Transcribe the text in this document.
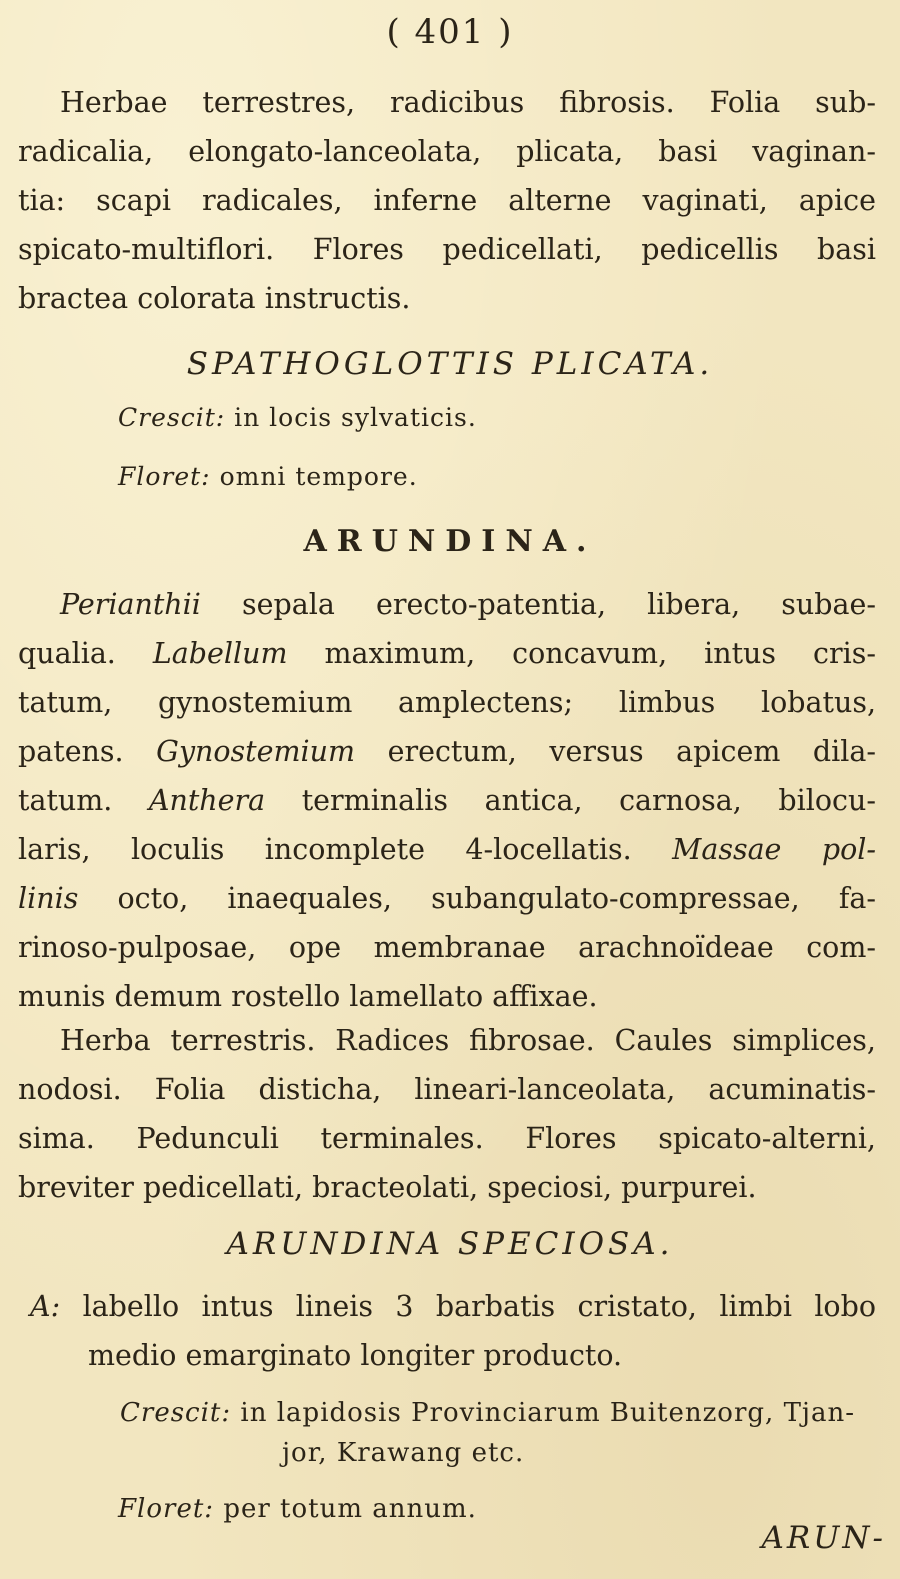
( 401 )
Herbae terrestres, radicibus fibrosis. Folia sub-
radicalia, elongato-lanceolata, plicata, basi vaginan-
tia: scapi radicales, inferne alterne vaginati, apice
spicato-multiflori. Flores pedicellati, pedicellis basi
bractea colorata instructis.
SPATHOGLOTTIS PLICATA.
Crescit: in locis sylvaticis.
Floret: omni tempore.
ARUNDINA.
Perianthii sepala erecto-patentia, libera, subae-
qualia. Labellum maximum, concavum, intus cris-
tatum, gynostemium amplectens; limbus lobatus,
patens. Gynostemium erectum, versus apicem dila-
tatum. Anthera terminalis antica, carnosa, bilocu-
laris, loculis incomplete 4-locellatis. Massae pol-
linis octo, inaequales, subangulato-compressae, fa-
rinoso-pulposae, ope membranae arachnoïdeae com-
munis demum rostello lamellato affixae.
Herba terrestris. Radices fibrosae. Caules simplices,
nodosi. Folia disticha, lineari-lanceolata, acuminatis-
sima. Pedunculi terminales. Flores spicato-alterni,
breviter pedicellati, bracteolati, speciosi, purpurei.
ARUNDINA SPECIOSA.
A: labello intus lineis 3 barbatis cristato, limbi lobo
medio emarginato longiter producto.
Crescit: in lapidosis Provinciarum Buitenzorg, Tjan-
jor, Krawang etc.
Floret: per totum annum.
ARUN-
